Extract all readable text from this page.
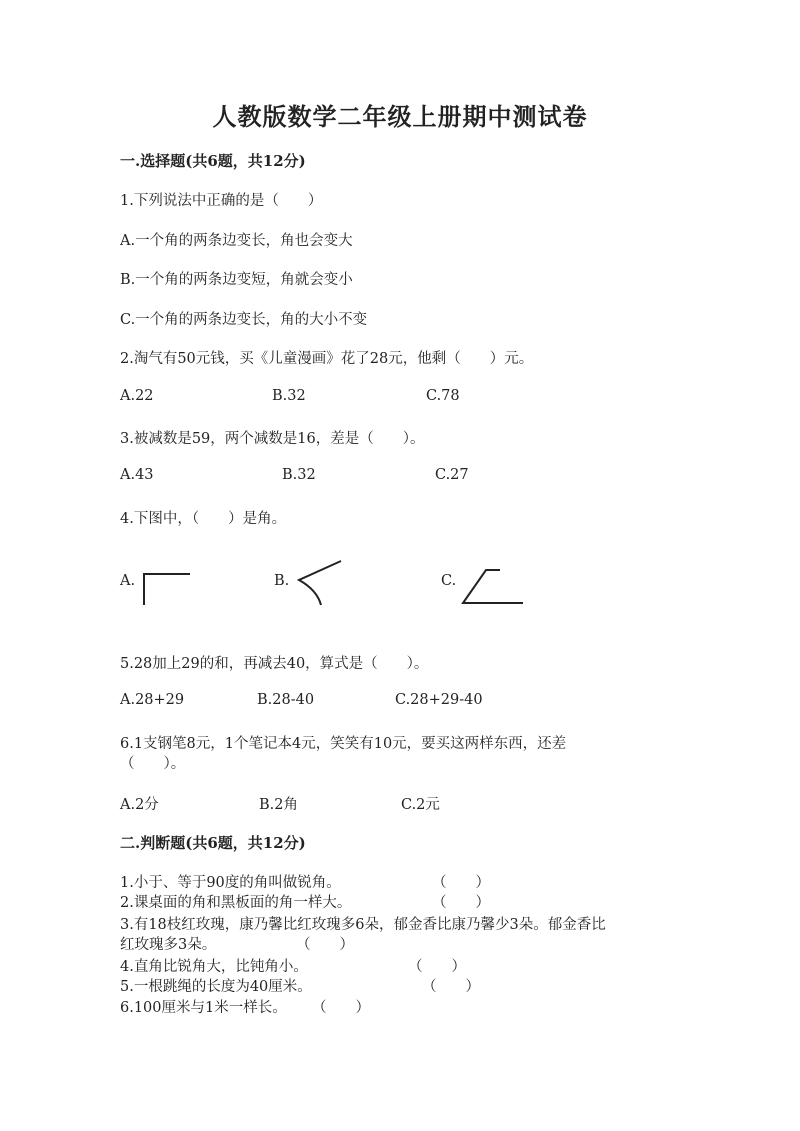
人教版数学二年级上册期中测试卷
一.选择题(共6题，共12分)
1.下列说法中正确的是（　　）
A.一个角的两条边变长，角也会变大
B.一个角的两条边变短，角就会变小
C.一个角的两条边变长，角的大小不变
2.淘气有50元钱，买《儿童漫画》花了28元，他剩（　　）元。
A.22	B.32	C.78
3.被减数是59，两个减数是16，差是（　　）。
A.43	B.32	C.27
4.下图中，（　　）是角。
A.	B.	C.
5.28加上29的和，再减去40，算式是（　　）。
A.28+29	B.28-40	C.28+29-40
6.1支钢笔8元，1个笔记本4元，笑笑有10元，要买这两样东西，还差
（　　）。
A.2分	B.2角	C.2元
二.判断题(共6题，共12分)
1.小于、等于90度的角叫做锐角。	（　　）
2.课桌面的角和黑板面的角一样大。	（　　）
3.有18枝红玫瑰，康乃馨比红玫瑰多6朵，郁金香比康乃馨少3朵。郁金香比
红玫瑰多3朵。	（　　）
4.直角比锐角大，比钝角小。	（　　）
5.一根跳绳的长度为40厘米。	（　　）
6.100厘米与1米一样长。 （　　）
